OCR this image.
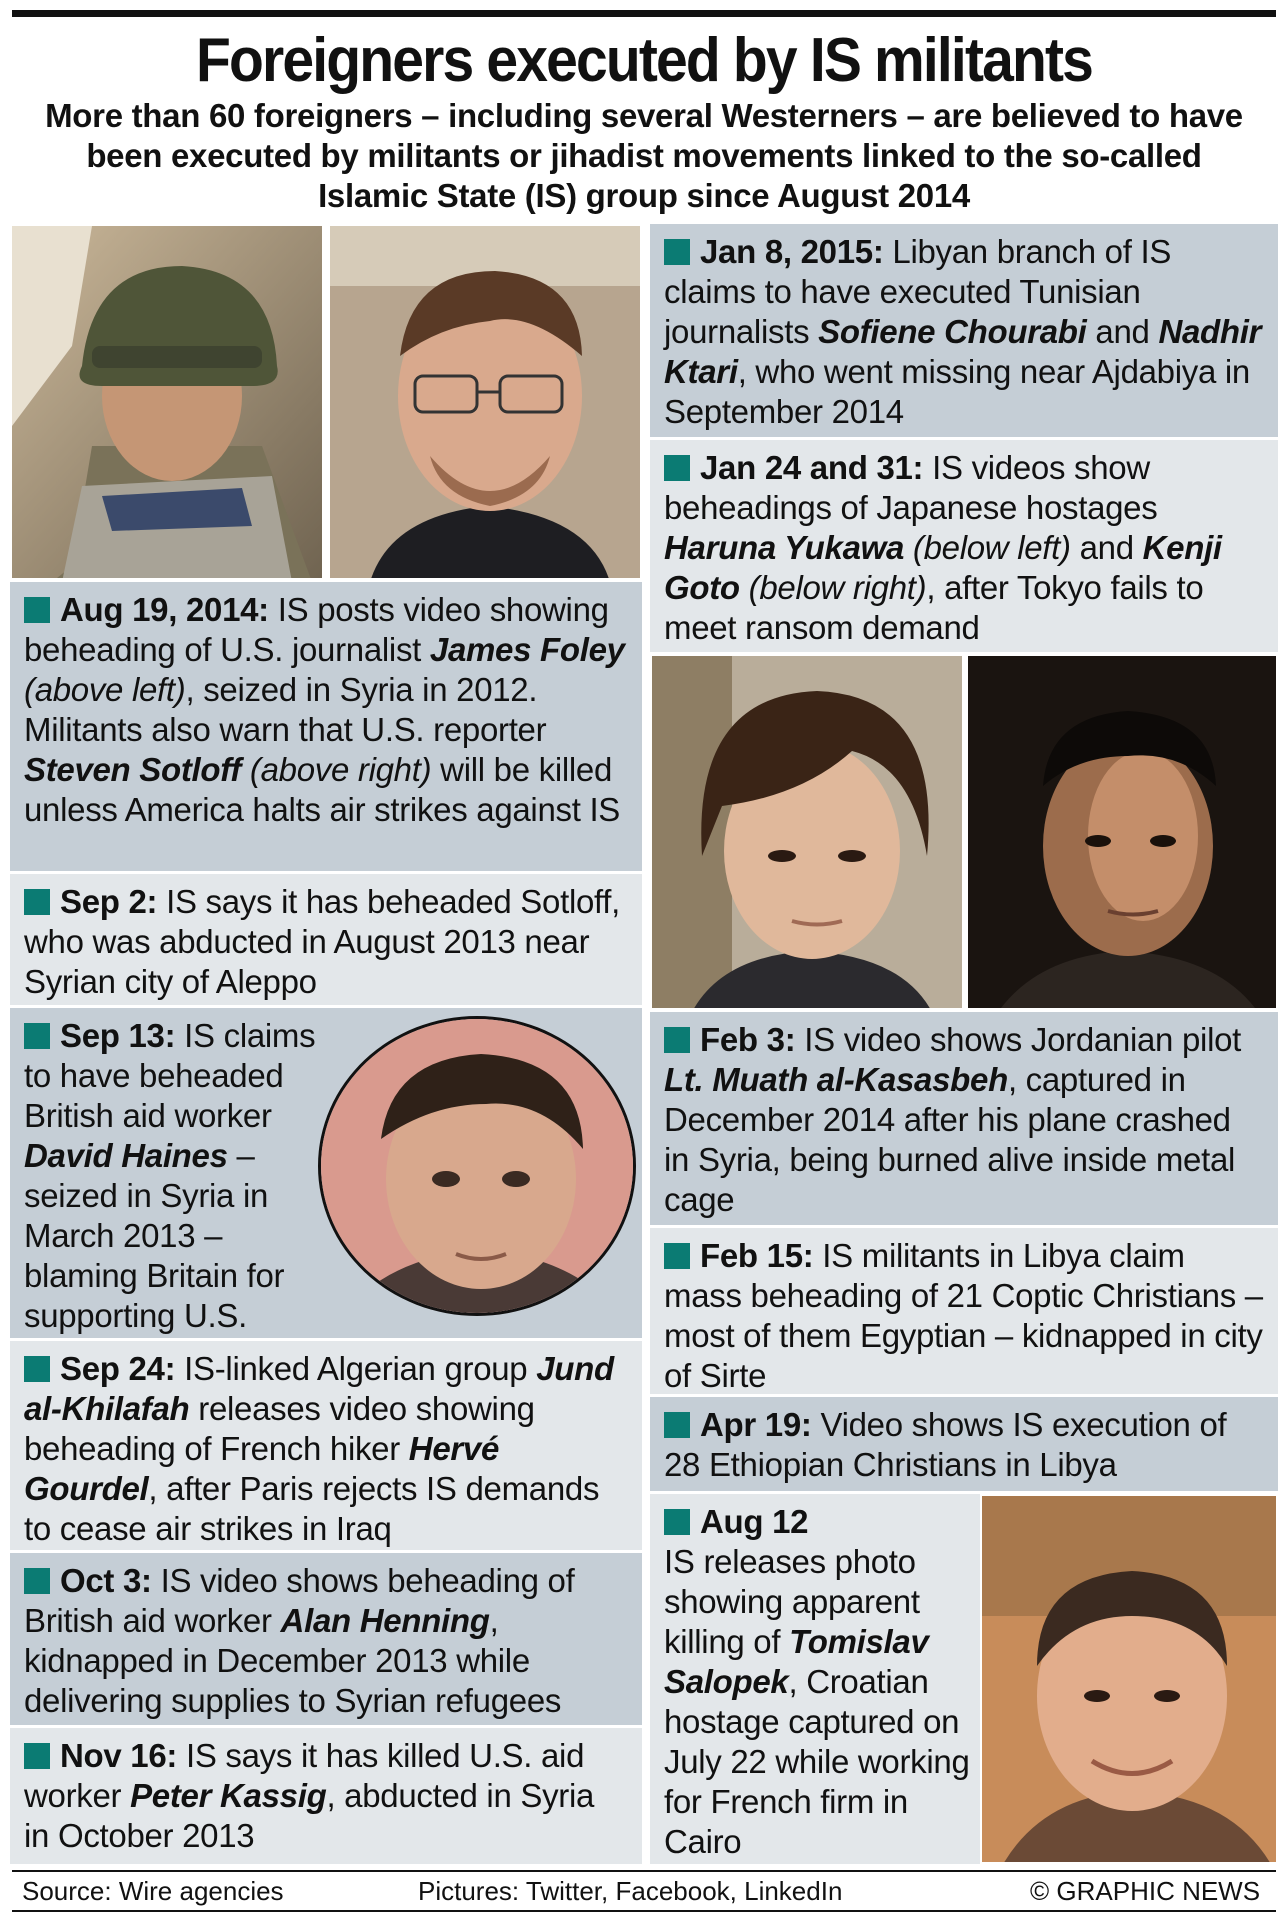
Foreigners executed by IS militants

More than 60 foreigners – including several Westerners – are believed to have been executed by militants or jihadist movements linked to the so-called Islamic State (IS) group since August 2014

Aug 19, 2014: IS posts video showing beheading of U.S. journalist James Foley (above left), seized in Syria in 2012. Militants also warn that U.S. reporter Steven Sotloff (above right) will be killed unless America halts air strikes against IS
Sep 2: IS says it has beheaded Sotloff, who was abducted in August 2013 near Syrian city of Aleppo
Sep 13: IS claims to have beheaded British aid worker David Haines – seized in Syria in March 2013 – blaming Britain for supporting U.S.
Sep 24: IS-linked Algerian group Jund al-Khilafah releases video showing beheading of French hiker Hervé Gourdel, after Paris rejects IS demands to cease air strikes in Iraq
Oct 3: IS video shows beheading of British aid worker Alan Henning, kidnapped in December 2013 while delivering supplies to Syrian refugees
Nov 16: IS says it has killed U.S. aid worker Peter Kassig, abducted in Syria in October 2013
Jan 8, 2015: Libyan branch of IS claims to have executed Tunisian journalists Sofiene Chourabi and Nadhir Ktari, who went missing near Ajdabiya in September 2014
Jan 24 and 31: IS videos show beheadings of Japanese hostages Haruna Yukawa (below left) and Kenji Goto (below right), after Tokyo fails to meet ransom demand
Feb 3: IS video shows Jordanian pilot Lt. Muath al-Kasasbeh, captured in December 2014 after his plane crashed in Syria, being burned alive inside metal cage
Feb 15: IS militants in Libya claim mass beheading of 21 Coptic Christians – most of them Egyptian – kidnapped in city of Sirte
Apr 19: Video shows IS execution of 28 Ethiopian Christians in Libya
Aug 12
IS releases photo showing apparent killing of Tomislav Salopek, Croatian hostage captured on July 22 while working for French firm in Cairo
Source: Wire agencies	Pictures: Twitter, Facebook, LinkedIn	© GRAPHIC NEWS
